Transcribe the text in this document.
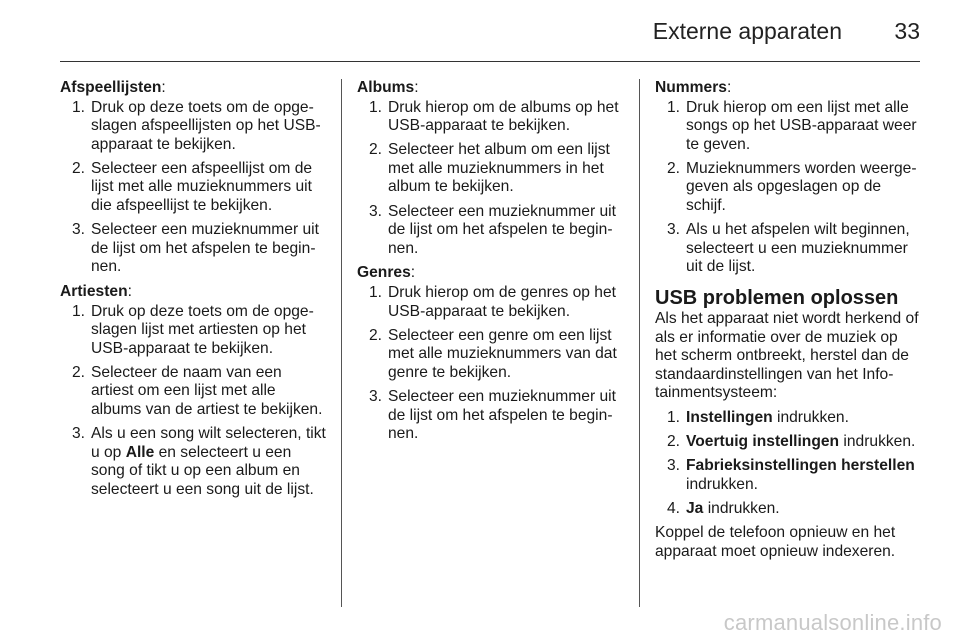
Externe apparaten 33
Afspeellijsten:
1 . Druk op deze toets om de opgeslagen afspeellijsten op het USB-apparaat te bekijken.
2 . Selecteer een afspeellijst om de lijst met alle muzieknummers uit die afspeellijst te bekijken.
3 . Selecteer een muzieknummer uit de lijst om het afspelen te beginnen.
Artiesten:
1 . Druk op deze toets om de opgeslagen lijst met artiesten op het USB-apparaat te bekijken.
2 . Selecteer de naam van een artiest om een lijst met alle albums van de artiest te bekijken.
3 . Als u een song wilt selecteren, tikt u op Alle en selecteert u een song of tikt u op een album en selecteert u een song uit de lijst.
Albums:
1 . Druk hierop om de albums op het USB-apparaat te bekijken.
2 . Selecteer het album om een lijst met alle muzieknummers in het album te bekijken.
3 . Selecteer een muzieknummer uit de lijst om het afspelen te beginnen.
Genres:
1 . Druk hierop om de genres op het USB-apparaat te bekijken.
2 . Selecteer een genre om een lijst met alle muzieknummers van dat genre te bekijken.
3 . Selecteer een muzieknummer uit de lijst om het afspelen te beginnen.
Nummers:
1 . Druk hierop om een lijst met alle songs op het USB-apparaat weer te geven.
2 . Muzieknummers worden weergegeven als opgeslagen op de schijf.
3 . Als u het afspelen wilt beginnen, selecteert u een muzieknummer uit de lijst.
USB problemen oplossen
Als het apparaat niet wordt herkend of als er informatie over de muziek op het scherm ontbreekt, herstel dan de standaardinstellingen van het Infotainmentsysteem:
1 . Instellingen indrukken.
2 . Voertuig instellingen indrukken.
3 . Fabrieksinstellingen herstellen indrukken.
4 . Ja indrukken.
Koppel de telefoon opnieuw en het apparaat moet opnieuw indexeren.
carmanualsonline.info
